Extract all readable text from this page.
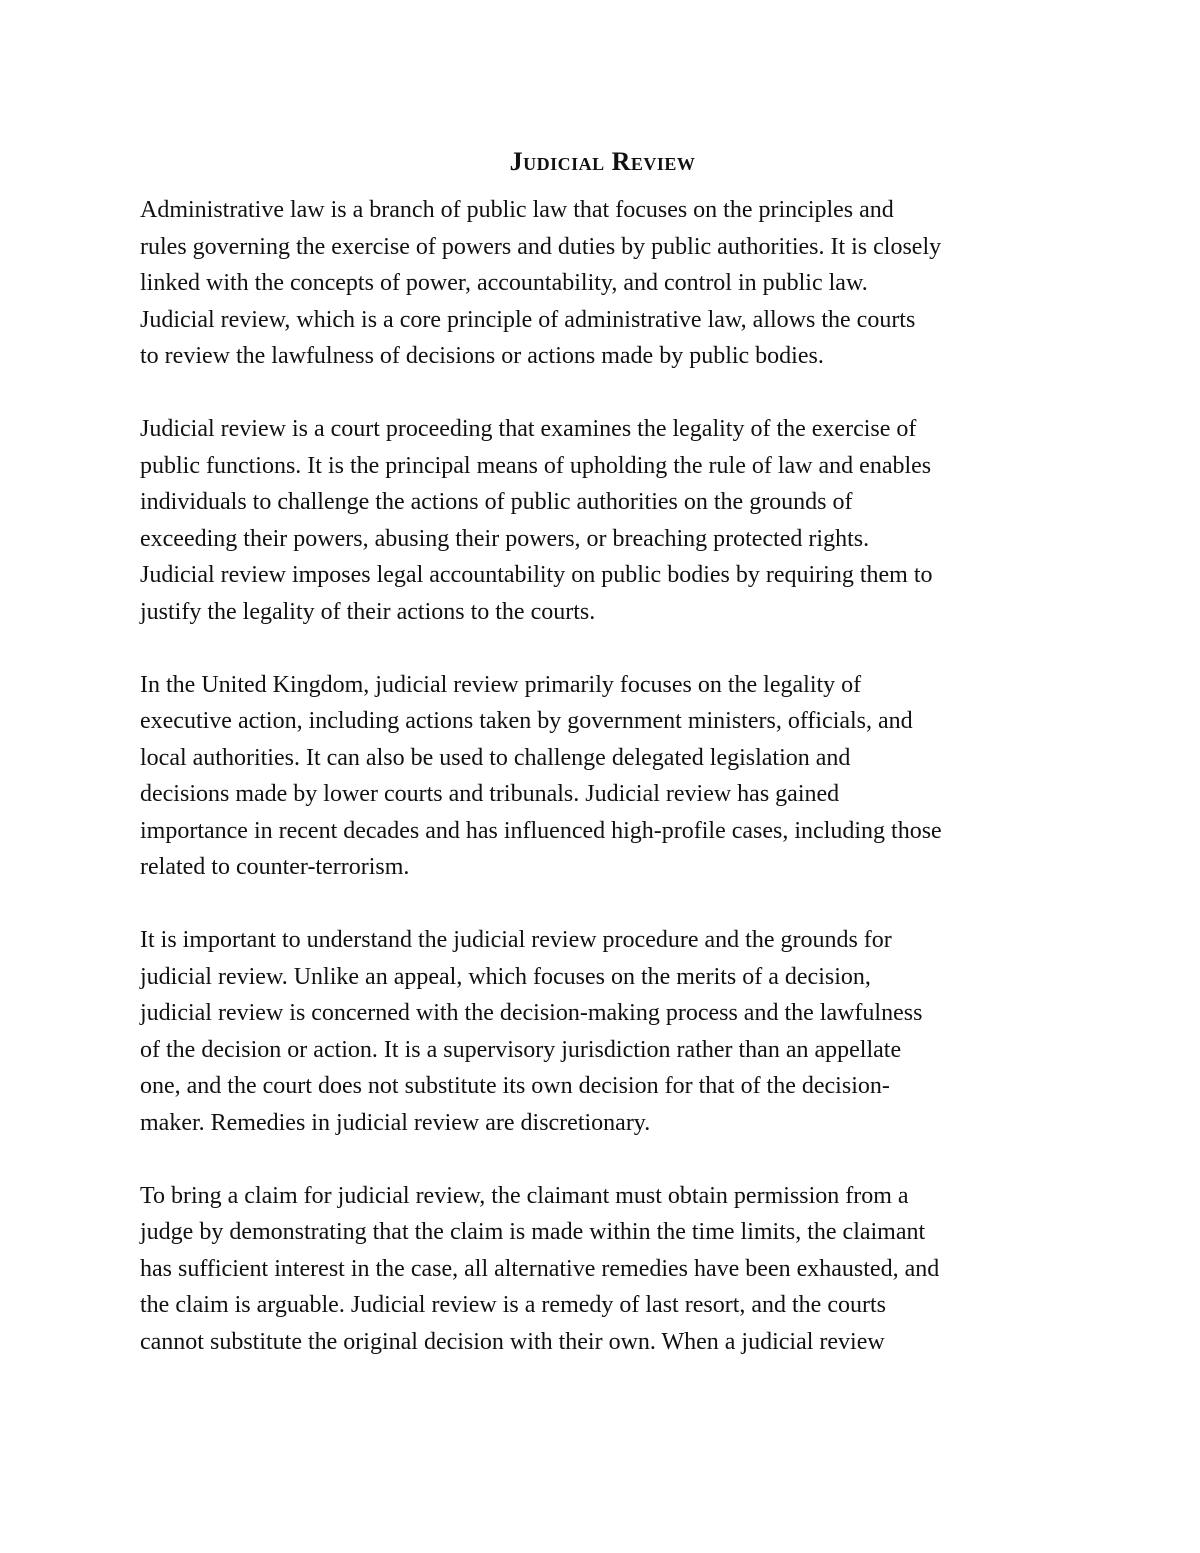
Judicial Review
Administrative law is a branch of public law that focuses on the principles and
rules governing the exercise of powers and duties by public authorities. It is closely
linked with the concepts of power, accountability, and control in public law.
Judicial review, which is a core principle of administrative law, allows the courts
to review the lawfulness of decisions or actions made by public bodies.
Judicial review is a court proceeding that examines the legality of the exercise of
public functions. It is the principal means of upholding the rule of law and enables
individuals to challenge the actions of public authorities on the grounds of
exceeding their powers, abusing their powers, or breaching protected rights.
Judicial review imposes legal accountability on public bodies by requiring them to
justify the legality of their actions to the courts.
In the United Kingdom, judicial review primarily focuses on the legality of
executive action, including actions taken by government ministers, officials, and
local authorities. It can also be used to challenge delegated legislation and
decisions made by lower courts and tribunals. Judicial review has gained
importance in recent decades and has influenced high-profile cases, including those
related to counter-terrorism.
It is important to understand the judicial review procedure and the grounds for
judicial review. Unlike an appeal, which focuses on the merits of a decision,
judicial review is concerned with the decision-making process and the lawfulness
of the decision or action. It is a supervisory jurisdiction rather than an appellate
one, and the court does not substitute its own decision for that of the decision-
maker. Remedies in judicial review are discretionary.
To bring a claim for judicial review, the claimant must obtain permission from a
judge by demonstrating that the claim is made within the time limits, the claimant
has sufficient interest in the case, all alternative remedies have been exhausted, and
the claim is arguable. Judicial review is a remedy of last resort, and the courts
cannot substitute the original decision with their own. When a judicial review
